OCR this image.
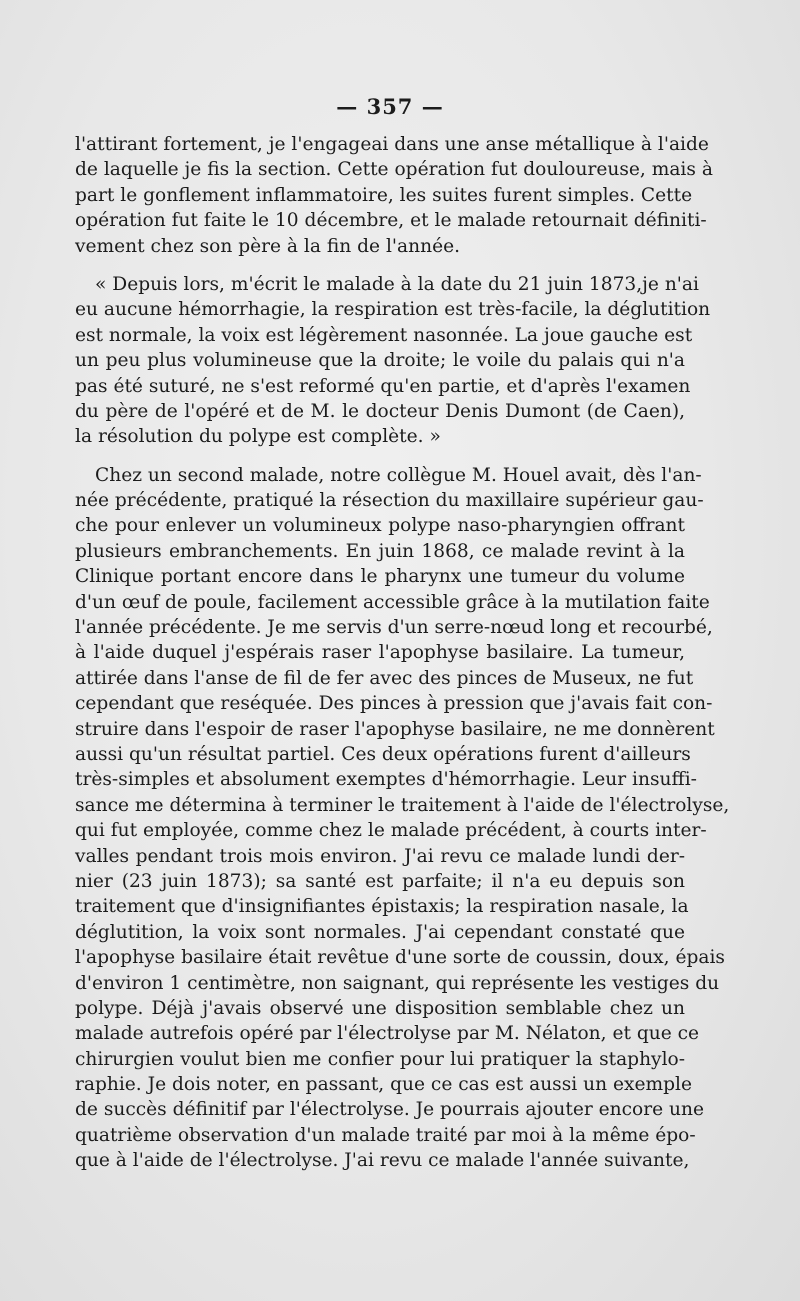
— 357 —
l'attirant fortement, je l'engageai dans une anse métallique à l'aide
de laquelle je fis la section. Cette opération fut douloureuse, mais à
part le gonflement inflammatoire, les suites furent simples. Cette
opération fut faite le 10 décembre, et le malade retournait définiti-
vement chez son père à la fin de l'année.
« Depuis lors, m'écrit le malade à la date du 21 juin 1873,je n'ai
eu aucune hémorrhagie, la respiration est très-facile, la déglutition
est normale, la voix est légèrement nasonnée. La joue gauche est
un peu plus volumineuse que la droite; le voile du palais qui n'a
pas été suturé, ne s'est reformé qu'en partie, et d'après l'examen
du père de l'opéré et de M. le docteur Denis Dumont (de Caen),
la résolution du polype est complète. »
Chez un second malade, notre collègue M. Houel avait, dès l'an-
née précédente, pratiqué la résection du maxillaire supérieur gau-
che pour enlever un volumineux polype naso-pharyngien offrant
plusieurs embranchements. En juin 1868, ce malade revint à la
Clinique portant encore dans le pharynx une tumeur du volume
d'un œuf de poule, facilement accessible grâce à la mutilation faite
l'année précédente. Je me servis d'un serre-nœud long et recourbé,
à l'aide duquel j'espérais raser l'apophyse basilaire. La tumeur,
attirée dans l'anse de fil de fer avec des pinces de Museux, ne fut
cependant que reséquée. Des pinces à pression que j'avais fait con-
struire dans l'espoir de raser l'apophyse basilaire, ne me donnèrent
aussi qu'un résultat partiel. Ces deux opérations furent d'ailleurs
très-simples et absolument exemptes d'hémorrhagie. Leur insuffi-
sance me détermina à terminer le traitement à l'aide de l'électrolyse,
qui fut employée, comme chez le malade précédent, à courts inter-
valles pendant trois mois environ. J'ai revu ce malade lundi der-
nier (23 juin 1873); sa santé est parfaite; il n'a eu depuis son
traitement que d'insignifiantes épistaxis; la respiration nasale, la
déglutition, la voix sont normales. J'ai cependant constaté que
l'apophyse basilaire était revêtue d'une sorte de coussin, doux, épais
d'environ 1 centimètre, non saignant, qui représente les vestiges du
polype. Déjà j'avais observé une disposition semblable chez un
malade autrefois opéré par l'électrolyse par M. Nélaton, et que ce
chirurgien voulut bien me confier pour lui pratiquer la staphylo-
raphie. Je dois noter, en passant, que ce cas est aussi un exemple
de succès définitif par l'électrolyse. Je pourrais ajouter encore une
quatrième observation d'un malade traité par moi à la même épo-
que à l'aide de l'électrolyse. J'ai revu ce malade l'année suivante,
